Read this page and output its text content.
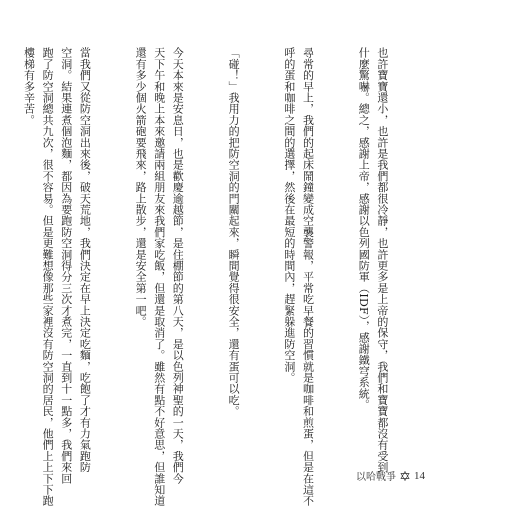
也許寶寶還小，也許是我們都很冷靜，也許更多是上帝的保守，我們和寶寶都沒有受到
什麼驚嚇。總之，感謝上帝，感謝以色列國防軍（IDF），感謝鐵穹系統。

尋常的早上，我們的起床鬧鐘變成空襲警報，平常吃早餐的習慣就是咖啡和煎蛋，但是在這不
呼的蛋和咖啡之間的選擇，然後在最短的時間內，趕緊躲進防空洞。

「碰！」我用力的把防空洞的門關起來，瞬間覺得很安全，還有蛋可以吃。

今天本來是安息日，也是歡慶逾越節，是住棚節的第八天，是以色列神聖的一天，我們今
天下午和晚上本來邀請兩組朋友來我們家吃飯，但還是取消了。雖然有點不好意思，但誰知道
還有多少個火箭砲要飛來，路上散步，還是安全第一吧。

當我們又從防空洞出來後，破天荒地，我們決定在早上決定吃麵，吃飽了才有力氣跑防
空洞。結果連煮個泡麵，都因為要跑防空洞得分三次才煮完，一直到十一點多，我們來回
跑了防空洞總共九次，很不容易。但是更難想像那些家裡沒有防空洞的居民，他們上上下下跑
樓梯有多辛苦。

以哈戰爭 14
